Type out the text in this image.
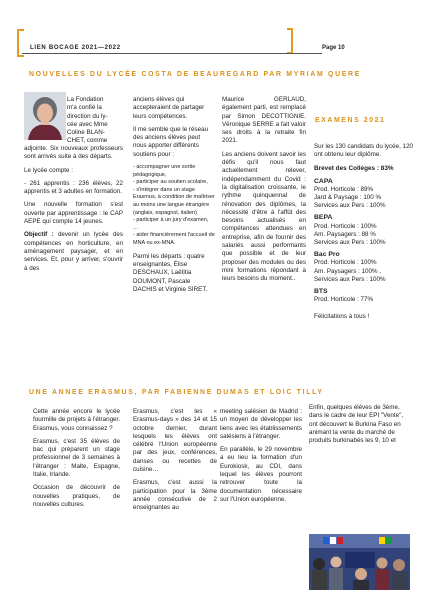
LIEN BOCAGE 2021—2022	Page 10
NOUVELLES DU LYCÉE COSTA DE BEAUREGARD PAR MYRIAM QUERE
La Fondation
m'a confié la
direction du ly-
cée avec Mme
Coline BLAN-
CHET, comme

adjointe. Six nouveaux professeurs sont arrivés suite à des départs.

Le lycée compte :

- 261 apprentis : 236 élèves, 22 apprentis et 3 adultes en formation.

Une nouvelle formation s'est ouverte par apprentissage : le CAP AEPE qui compte 14 jeunes.

Objectif : devenir un lycée des compétences en horticulture, en aménagement paysager, et en services. Et, pour y arriver, s'ouvrir à des

anciens élèves qui accepteraient de partager leurs compétences.

Il me semble que le réseau des anciens élèves peut nous apporter différents soutiens pour :

- accompagner une sortie pédagogique,
- participer au soutien scolaire,
- s'intégrer dans un stage Erasmus, à condition de maîtriser au moins une langue étrangère (anglais, espagnol, italien)
- participer à un jury d'examen, …
- aider financièrement l'accueil de MNA ou ex-MNA.

Parmi les départs : quatre enseignantes, Élise DESCHAUX, Laëtitia DOUMONT, Pascale DACHIS et Virginie SIRET.

Maurice GERLAUD, également parti, est remplacé par Simon DECOTTIGNIE. Véronique SERRE a fait valoir ses droits à la retraite fin 2021.

Les anciens doivent savoir les défis qu'il nous faut actuellement relever, indépendamment du Covid : la digitalisation croissante, le rythme quinquennal de rénovation des diplômes, la nécessité d'être à l'affût des besoins actualisés en compétences attendues en entreprise, afin de fournir des salariés aussi performants que possible et de leur proposer des modules ou des mini formations répondant à leurs besoins du moment..

EXAMENS 2021
Sur les 130 candidats du lycée, 120 ont obtenu leur diplôme.
Brevet des Collèges : 83%
CAPA
Prod. Horticole : 89%
Jard & Paysage : 100 %
Services aux Pers : 100%
BEPA
Prod. Horticole : 100%
Am. Paysagers : 88 %
Services aux Pers : 100%
Bac Pro
Prod. Horticole : 100%
Am. Paysagers : 100% ,
Services aux Pers : 100%
BTS
Prod. Horticole : 77%
Félicitations à tous !
UNE ANNEE ERASMUS, PAR FABIENNE DUMAS ET LOIC TILLY

Cette année encore le lycée fourmille de projets à l'étranger. Erasmus, vous connaissez ?

Erasmus, c'est 35 élèves de bac qui préparent un stage professionnel de 3 semaines à l'étranger : Malte, Espagne, Italie, Irlande.

Occasion de découvrir de nouvelles pratiques, de nouvelles cultures.

Erasmus, c'est les « Erasmus-days » des 14 et 15 octobre dernier, durant lesquels les élèves ont célébré l'Union européenne par des jeux, conférences, danses ou recettes de cuisine…

Erasmus, c'est aussi la participation pour la 3ème année consécutive de 2 enseignantes au

meeting salésien de Madrid : un moyen de développer les liens avec les établissements salésiens à l'étranger.

En parallèle, le 29 novembre a eu lieu la formation d'un Eurokiosk, au CDI, dans lequel les élèves pourront retrouver toute la documentation nécessaire sur l'Union européenne.

Enfin, quelques élèves de 3ème, dans le cadre de leur EPI "Vente", ont découvert le Burkina Faso en animant la vente du marché de produits burkinabés les 9, 10 et
